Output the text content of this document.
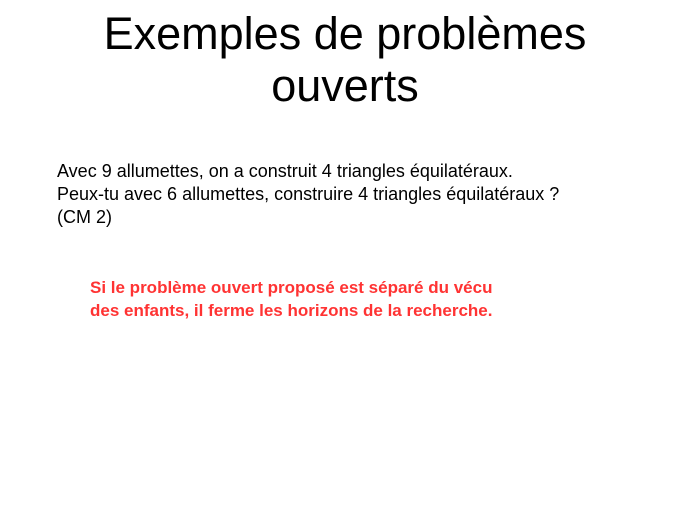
Exemples de problèmes
ouverts
Avec 9 allumettes, on a construit 4 triangles équilatéraux.
Peux-tu avec 6 allumettes, construire 4 triangles équilatéraux ?
(CM 2)
Si le problème ouvert proposé est séparé du vécu
des enfants, il ferme les horizons de la recherche.
